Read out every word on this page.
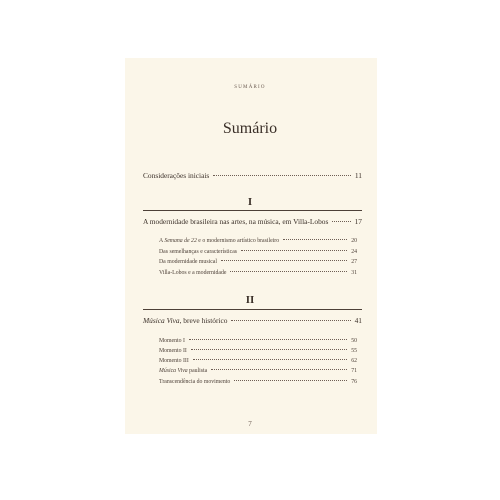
SUMÁRIO
Sumário
Considerações iniciais	11
I
A modernidade brasileira nas artes, na música, em Villa-Lobos	17
A Semana de 22 e o modernismo artístico brasileiro	20
Das semelhanças e características	24
Da modernidade musical	27
Villa-Lobos e a modernidade	31
II
Música Viva, breve histórico	41
Momento I	50
Momento II	55
Momento III	62
Música Viva paulista	71
Transcendência do movimento	76
7
